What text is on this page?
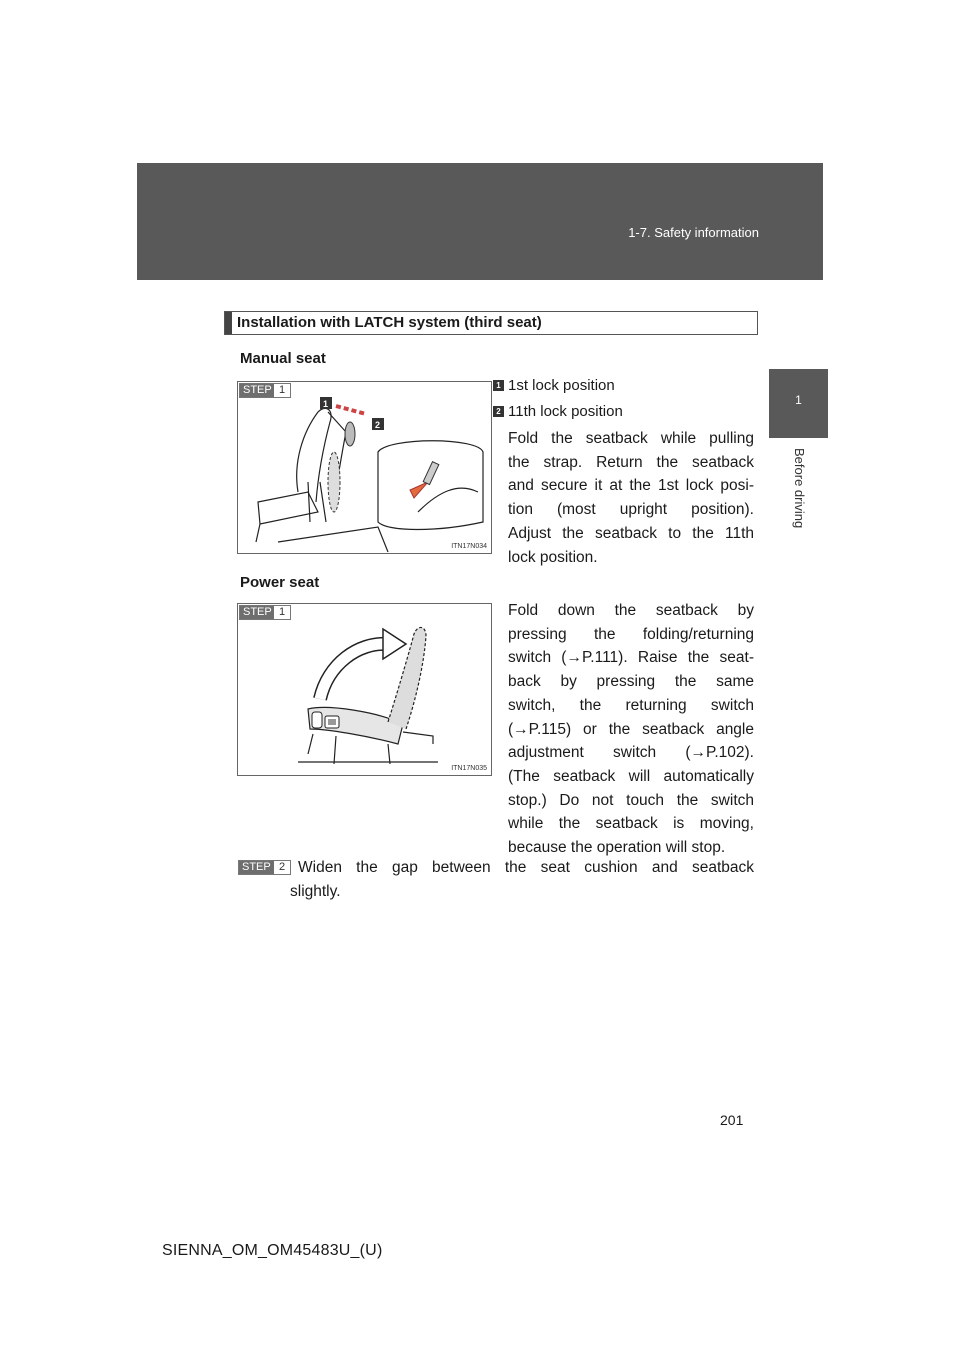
1-7. Safety information
1
Before driving
Installation with LATCH system (third seat)
Manual seat
STEP 1
1
2
ITN17N034
1 1st lock position
2 11th lock position
Fold the seatback while pulling
the strap. Return the seatback
and secure it at the 1st lock posi-
tion (most upright position).
Adjust the seatback to the 11th
lock position.
Power seat
STEP 1
ITN17N035
Fold down the seatback by
pressing the folding/returning
switch (→P.111). Raise the seat-
back by pressing the same
switch, the returning switch
(→P.115) or the seatback angle
adjustment switch (→P.102).
(The seatback will automatically
stop.) Do not touch the switch
while the seatback is moving,
because the operation will stop.
STEP 2 Widen the gap between the seat cushion and seatback
slightly.
201
SIENNA_OM_OM45483U_(U)
